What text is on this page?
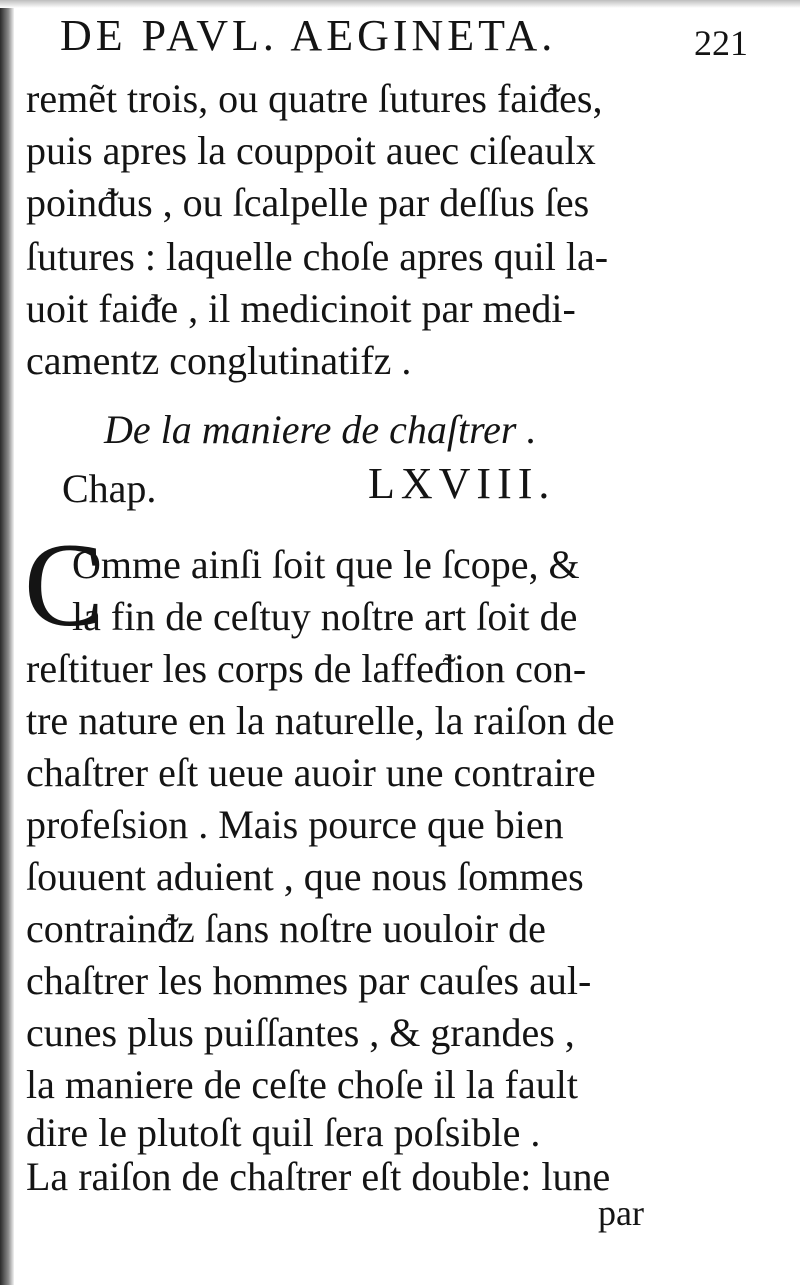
DE PAVL. AEGINETA.	221
remẽt trois, ou quatre ſutures faiᵭes,
puis apres la couppoit auec ciſeaulx
poinᵭus , ou ſcalpelle par deſſus ſes
ſutures : laquelle choſe apres quil la-
uoit faiᵭe , il medicinoit par medi-
camentz conglutinatifz .
De la maniere de chaſtrer .
Chap.	LXVIII.
C
Omme ainſi ſoit que le ſcope, &
la fin de ceſtuy noſtre art ſoit de
reſtituer les corps de laffeᵭion con-
tre nature en la naturelle, la raiſon de
chaſtrer eſt ueue auoir une contraire
profeſsion . Mais pource que bien
ſouuent aduient , que nous ſommes
contrainᵭz ſans noſtre uouloir de
chaſtrer les hommes par cauſes aul-
cunes plus puiſſantes , & grandes ,
la maniere de ceſte choſe il la fault
dire le plutoſt quil ſera poſsible .
La raiſon de chaſtrer eſt double: lune
par
